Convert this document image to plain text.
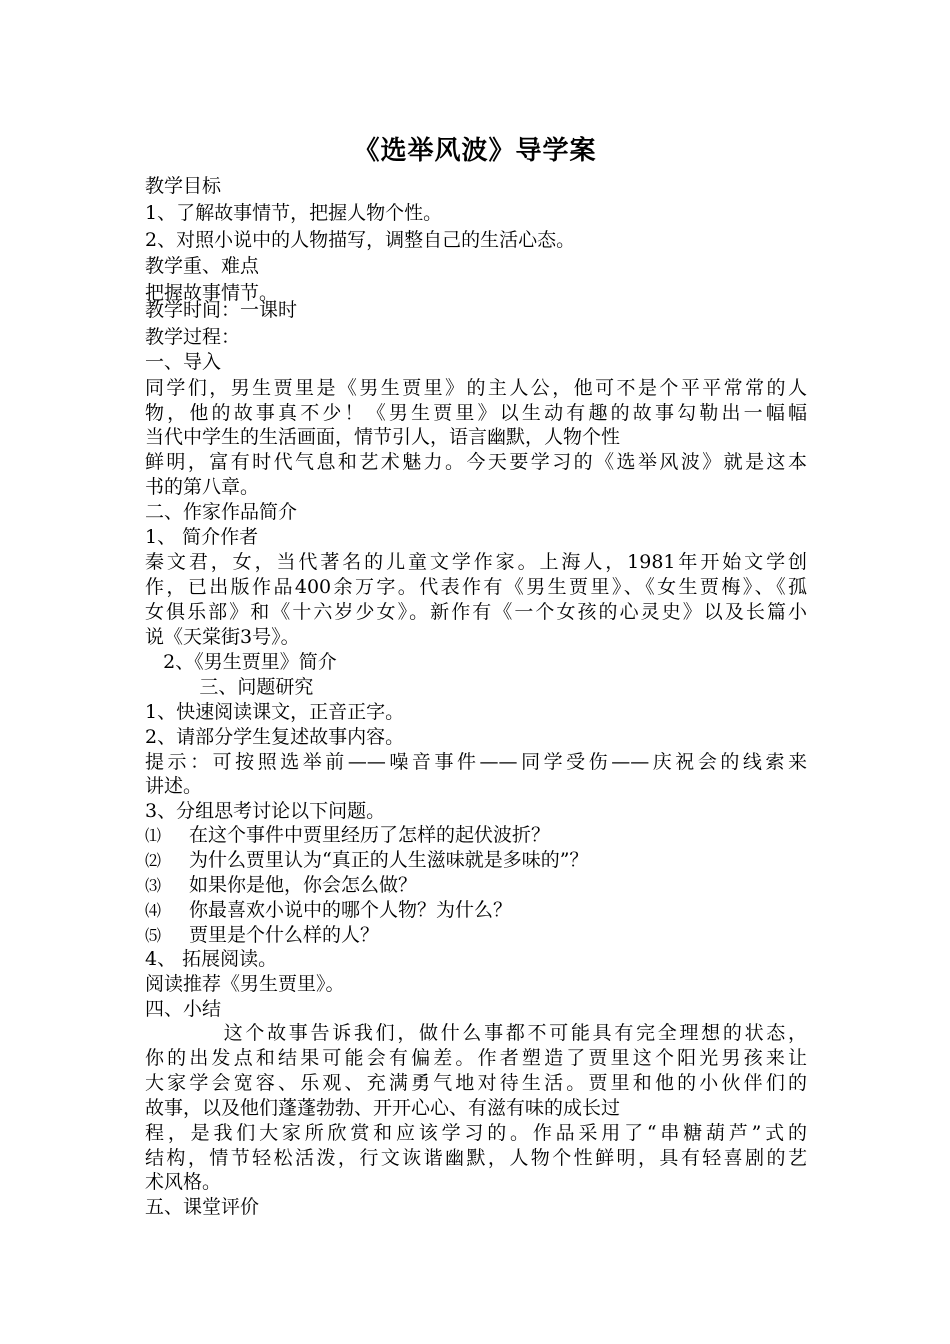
《选举风波》导学案
教学目标
1、了解故事情节，把握人物个性。
2、对照小说中的人物描写，调整自己的生活心态。
教学重、难点
把握故事情节。
教学时间：一课时
教学过程：
一、导入
同学们，男生贾里是《男生贾里》的主人公，他可不是个平平常常的人
物，他的故事真不少！《男生贾里》以生动有趣的故事勾勒出一幅幅
当代中学生的生活画面，情节引人，语言幽默，人物个性
鲜明，富有时代气息和艺术魅力。今天要学习的《选举风波》就是这本
书的第八章。
二、作家作品简介
1、 简介作者
秦文君，女，当代著名的儿童文学作家。上海人，1981年开始文学创
作，已出版作品400余万字。代表作有《男生贾里》、《女生贾梅》、《孤
女俱乐部》和《十六岁少女》。新作有《一个女孩的心灵史》以及长篇小
说《天棠街3号》。
2、《男生贾里》简介
三、问题研究
1、快速阅读课文，正音正字。
2、请部分学生复述故事内容。
提示：可按照选举前——噪音事件——同学受伤——庆祝会的线索来
讲述。
3、分组思考讨论以下问题。
⑴ 在这个事件中贾里经历了怎样的起伏波折？
⑵ 为什么贾里认为“真正的人生滋味就是多味的”？
⑶ 如果你是他，你会怎么做？
⑷ 你最喜欢小说中的哪个人物？为什么？
⑸ 贾里是个什么样的人？
4、 拓展阅读。
阅读推荐《男生贾里》。
四、小结
这个故事告诉我们，做什么事都不可能具有完全理想的状态，
你的出发点和结果可能会有偏差。作者塑造了贾里这个阳光男孩来让
大家学会宽容、乐观、充满勇气地对待生活。贾里和他的小伙伴们的
故事，以及他们蓬蓬勃勃、开开心心、有滋有味的成长过
程，是我们大家所欣赏和应该学习的。作品采用了“串糖葫芦”式的
结构，情节轻松活泼，行文诙谐幽默，人物个性鲜明，具有轻喜剧的艺
术风格。
五、课堂评价
